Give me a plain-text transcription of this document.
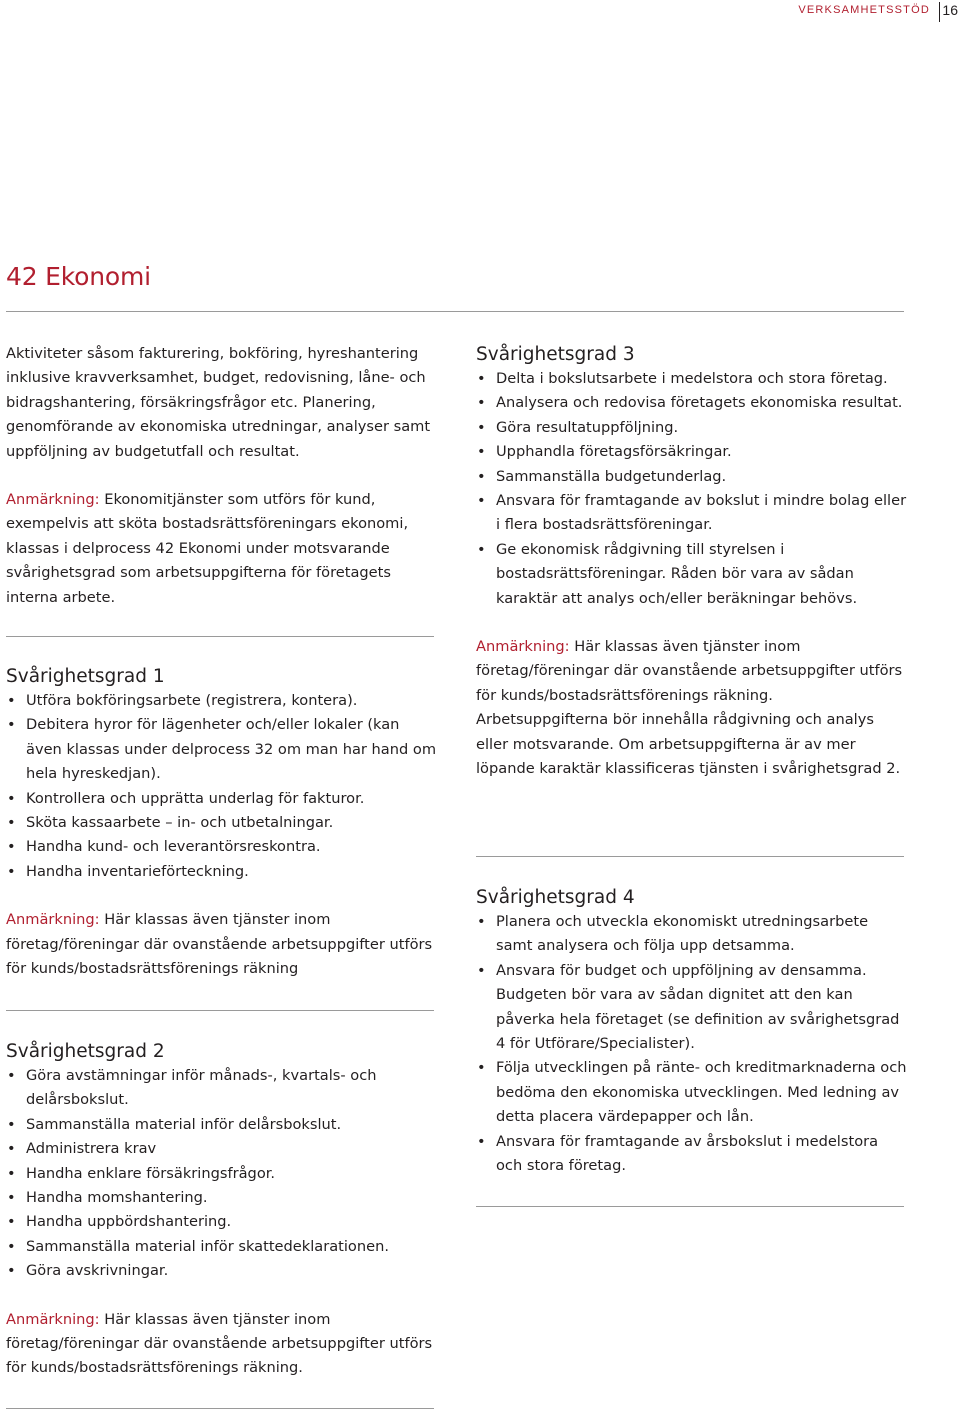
VERKSAMHETSSTÖD 16
42 Ekonomi

Aktiviteter såsom fakturering, bokföring, hyreshantering inklusive kravverksamhet, budget, redovisning, låne- och bidragshantering, försäkringsfrågor etc. Planering, genomförande av ekonomiska utredningar, analyser samt uppföljning av budgetutfall och resultat.

Anmärkning: Ekonomitjänster som utförs för kund, exempelvis att sköta bostadsrättsföreningars ekonomi, klassas i delprocess 42 Ekonomi under motsvarande svårighetsgrad som arbetsuppgifterna för företagets interna arbete.

Svårighetsgrad 1
• Utföra bokföringsarbete (registrera, kontera).
• Debitera hyror för lägenheter och/eller lokaler (kan även klassas under delprocess 32 om man har hand om hela hyreskedjan).
• Kontrollera och upprätta underlag för fakturor.
• Sköta kassaarbete – in- och utbetalningar.
• Handha kund- och leverantörsreskontra.
• Handha inventarieförteckning.

Anmärkning: Här klassas även tjänster inom företag/föreningar där ovanstående arbetsuppgifter utförs för kunds/bostadsrättsförenings räkning

Svårighetsgrad 2
• Göra avstämningar inför månads-, kvartals- och delårsbokslut.
• Sammanställa material inför delårsbokslut.
• Administrera krav
• Handha enklare försäkringsfrågor.
• Handha momshantering.
• Handha uppbördshantering.
• Sammanställa material inför skattedeklarationen.
• Göra avskrivningar.

Anmärkning: Här klassas även tjänster inom företag/föreningar där ovanstående arbetsuppgifter utförs för kunds/bostadsrättsförenings räkning.

Svårighetsgrad 3
• Delta i bokslutsarbete i medelstora och stora företag.
• Analysera och redovisa företagets ekonomiska resultat.
• Göra resultatuppföljning.
• Upphandla företagsförsäkringar.
• Sammanställa budgetunderlag.
• Ansvara för framtagande av bokslut i mindre bolag eller i flera bostadsrättsföreningar.
• Ge ekonomisk rådgivning till styrelsen i bostadsrättsföreningar. Råden bör vara av sådan karaktär att analys och/eller beräkningar behövs.

Anmärkning: Här klassas även tjänster inom företag/föreningar där ovanstående arbetsuppgifter utförs för kunds/bostadsrättsförenings räkning. Arbetsuppgifterna bör innehålla rådgivning och analys eller motsvarande. Om arbetsuppgifterna är av mer löpande karaktär klassificeras tjänsten i svårighetsgrad 2.

Svårighetsgrad 4
• Planera och utveckla ekonomiskt utredningsarbete samt analysera och följa upp detsamma.
• Ansvara för budget och uppföljning av densamma. Budgeten bör vara av sådan dignitet att den kan påverka hela företaget (se definition av svårighetsgrad 4 för Utförare/Specialister).
• Följa utvecklingen på ränte- och kreditmarknaderna och bedöma den ekonomiska utvecklingen. Med ledning av detta placera värdepapper och lån.
• Ansvara för framtagande av årsbokslut i medelstora och stora företag.
